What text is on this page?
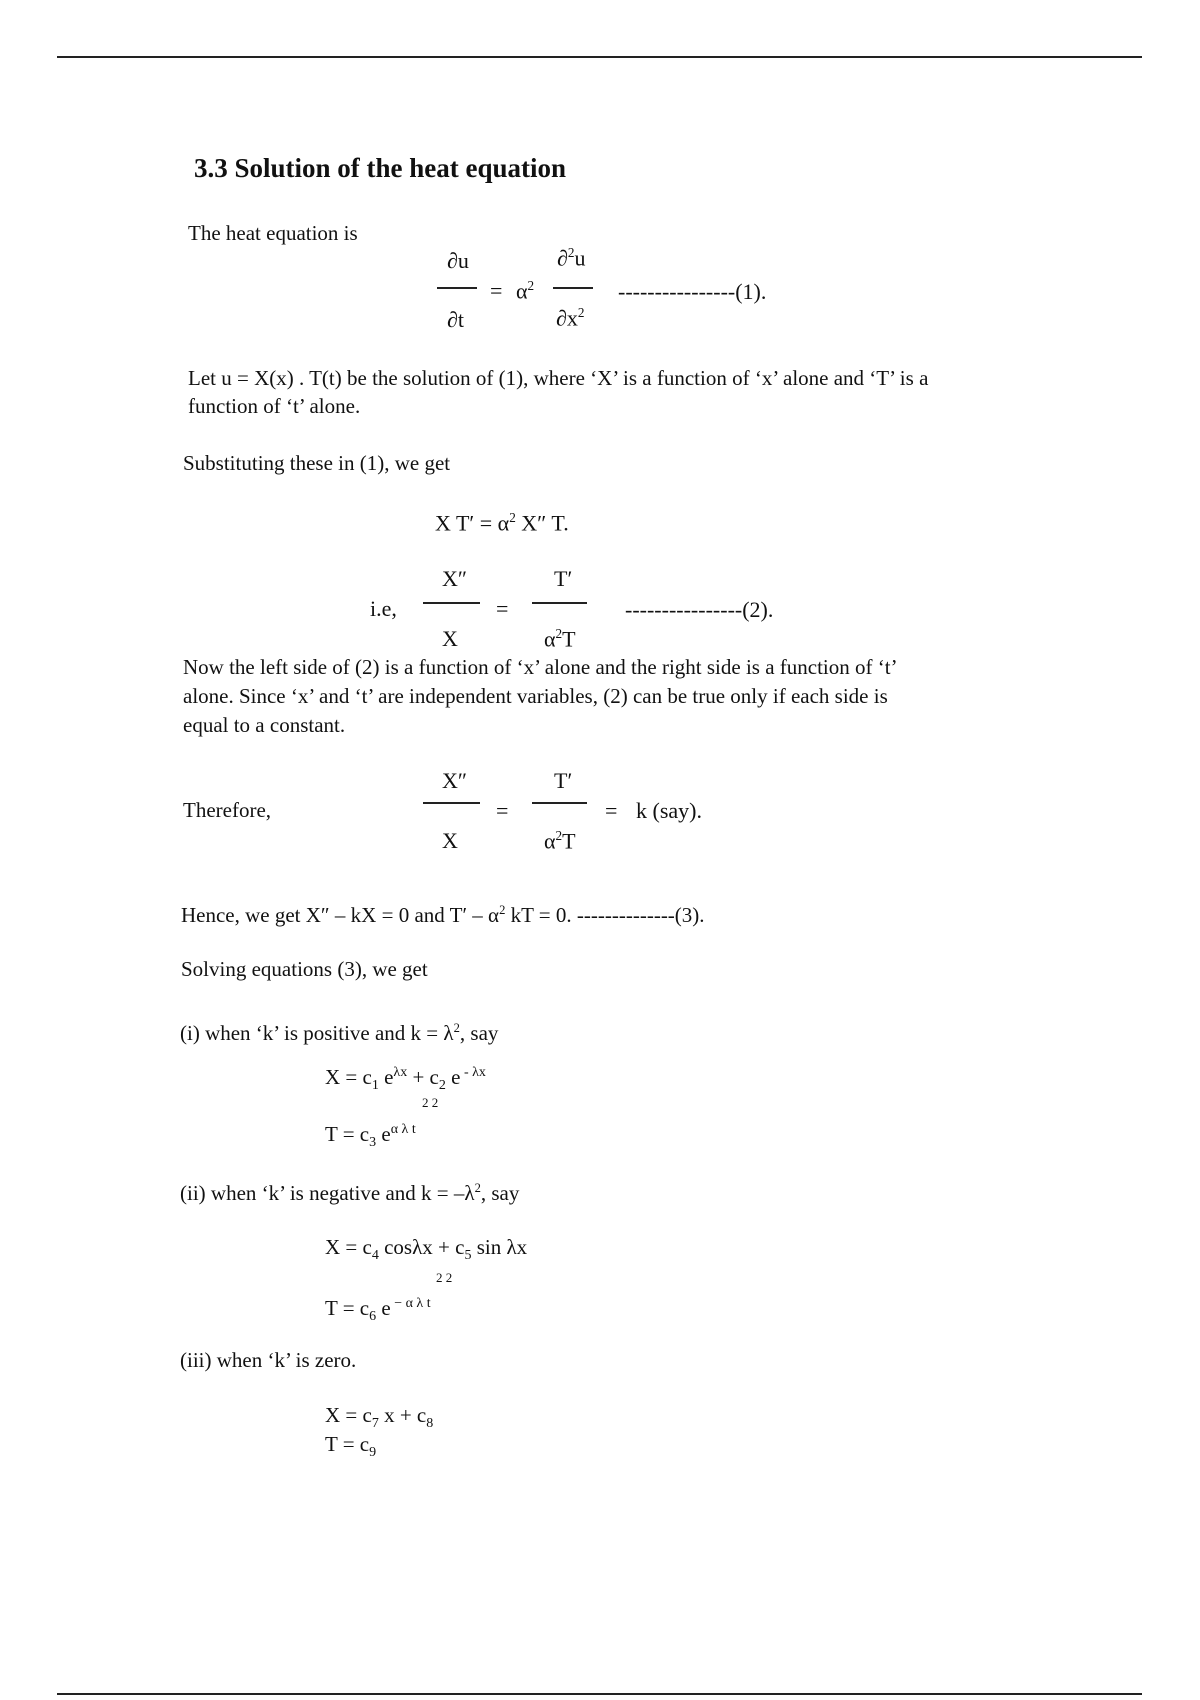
3.3 Solution of the heat equation
The heat equation is
∂u
∂t
= $\alpha^2$
∂$^2$u
$\partial x^2$
----------------(1).
Let u = X(x) . T(t) be the solution of (1), where ‘X’ is a function of ‘x’ alone and ‘T’ is a
function of ‘t’ alone.
Substituting these in (1), we get
X $T' = \alpha^2$ X″ T.
i.e,
X″
X
=
T′
$\alpha^2T$
----------------(2).
Now the left side of (2) is a function of ‘x’ alone and the right side is a function of ‘t’
alone. Since ‘x’ and ‘t’ are independent variables, (2) can be true only if each side is
equal to a constant.
Therefore,
X″
X
=
T′
$\alpha^2T$
= k (say).
Hence, we get X″ – kX = 0 and $T' - \alpha^2$ kT = 0. --------------(3).
Solving equations (3), we get
(i) when ‘k’ is positive and $k = \lambda^2$, say
$X = c_1$ $e^{\lambda x} + c_2$ e $^{- \lambda x}$
2 2
$T = c_3$ $e^{\alpha \lambda t}$
(ii) when ‘k’ is negative and $k = -\lambda^2$, say
$X = c_4$ $\cos\lambda x + c_5$ sin λx
2 2
$T = c_6$ e $^{- \alpha \lambda t}$
(iii) when ‘k’ is zero.
$X = c_7$ $x + c_8$
$T = c_9$
